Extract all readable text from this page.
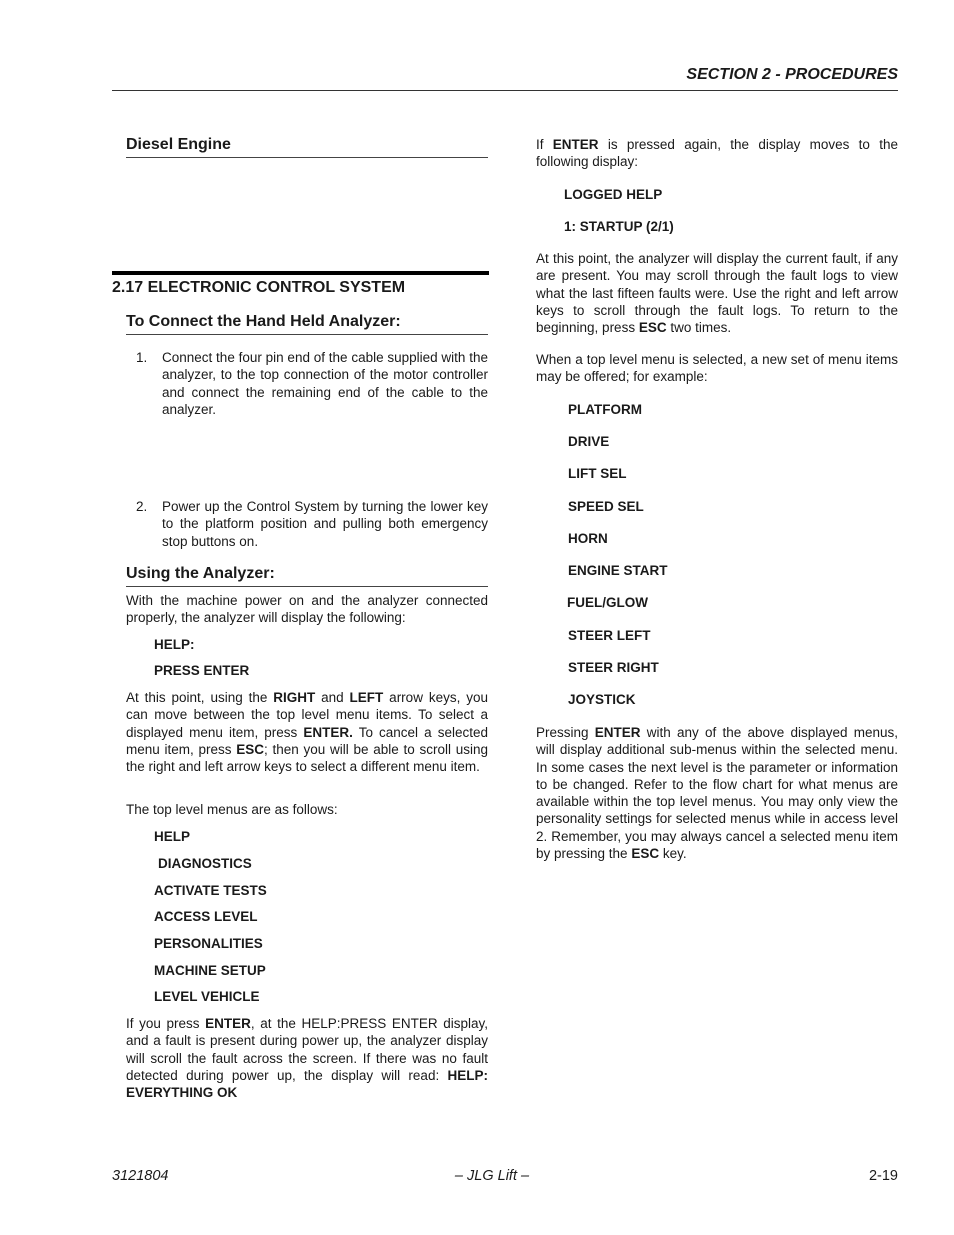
SECTION 2 - PROCEDURES
Diesel Engine
2.17 ELECTRONIC CONTROL SYSTEM
To Connect the Hand Held Analyzer:
1. Connect the four pin end of the cable supplied with the analyzer, to the top connection of the motor controller and connect the remaining end of the cable to the analyzer.

2. Power up the Control System by turning the lower key to the platform position and pulling both emergency stop buttons on.

Using the Analyzer:

With the machine power on and the analyzer connected properly, the analyzer will display the following:

HELP:
PRESS ENTER

At this point, using the RIGHT and LEFT arrow keys, you can move between the top level menu items. To select a displayed menu item, press ENTER. To cancel a selected menu item, press ESC; then you will be able to scroll using the right and left arrow keys to select a different menu item.

The top level menus are as follows:

HELP
DIAGNOSTICS
ACTIVATE TESTS
ACCESS LEVEL
PERSONALITIES
MACHINE SETUP
LEVEL VEHICLE

If you press ENTER, at the HELP:PRESS ENTER display, and a fault is present during power up, the analyzer display will scroll the fault across the screen. If there was no fault detected during power up, the display will read: HELP: EVERYTHING OK

If ENTER is pressed again, the display moves to the following display:

LOGGED HELP
1: STARTUP (2/1)

At this point, the analyzer will display the current fault, if any are present. You may scroll through the fault logs to view what the last fifteen faults were. Use the right and left arrow keys to scroll through the fault logs. To return to the beginning, press ESC two times.

When a top level menu is selected, a new set of menu items may be offered; for example:

PLATFORM
DRIVE
LIFT SEL
SPEED SEL
HORN
ENGINE START
FUEL/GLOW
STEER LEFT
STEER RIGHT
JOYSTICK

Pressing ENTER with any of the above displayed menus, will display additional sub-menus within the selected menu. In some cases the next level is the parameter or information to be changed. Refer to the flow chart for what menus are available within the top level menus. You may only view the personality settings for selected menus while in access level 2. Remember, you may always cancel a selected menu item by pressing the ESC key.

3121804	– JLG Lift –	2-19
